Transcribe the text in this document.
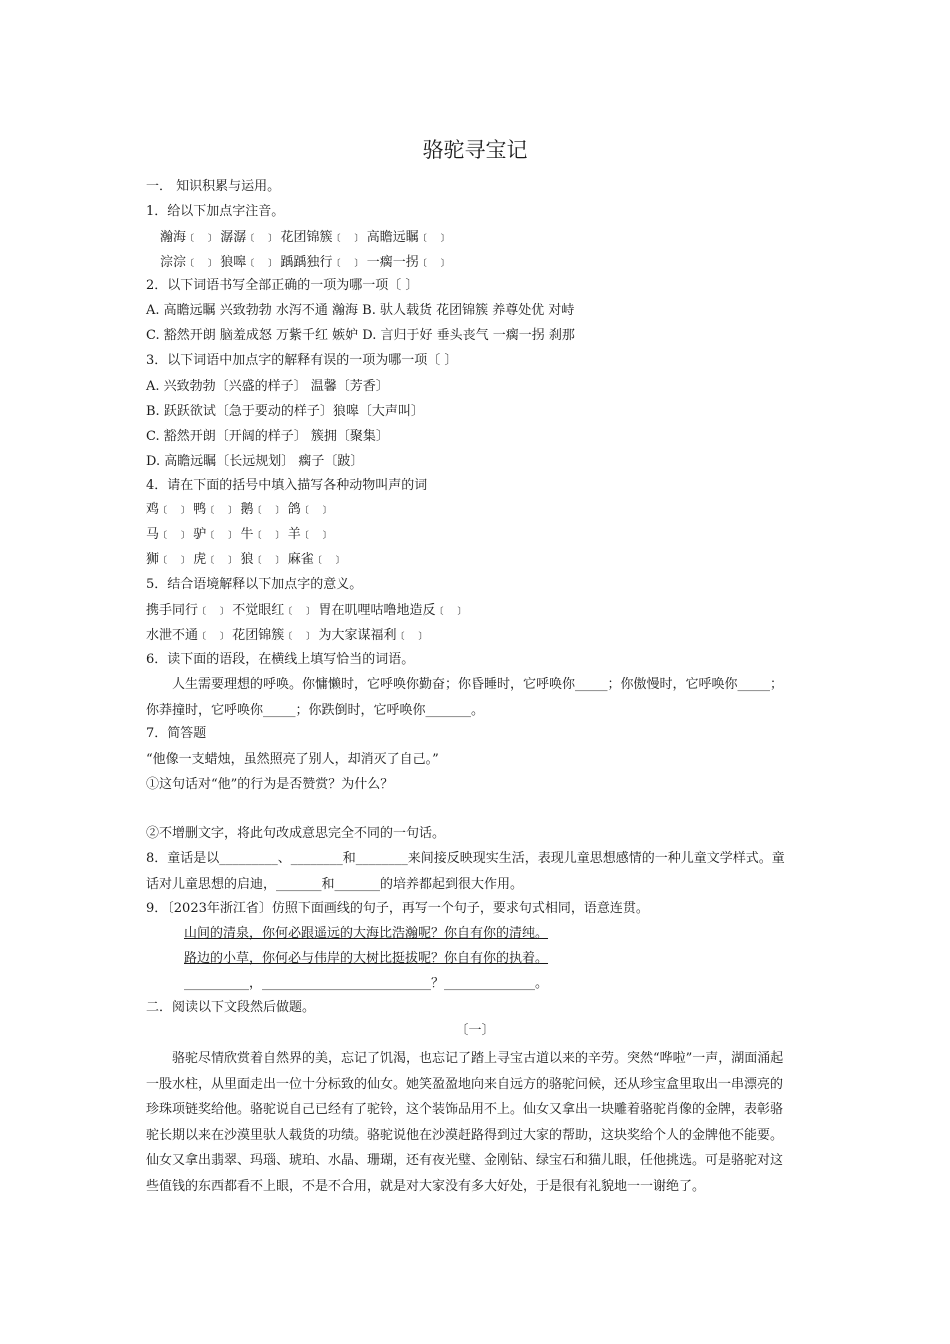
骆驼寻宝记
一． 知识积累与运用。
1．给以下加点字注音。
瀚海﹝ ﹞ 潺潺﹝ ﹞ 花团锦簇﹝ ﹞ 高瞻远瞩﹝ ﹞
淙淙﹝ ﹞ 狼嗥﹝ ﹞ 踽踽独行﹝ ﹞ 一瘸一拐﹝ ﹞
2．以下词语书写全部正确的一项为哪一项〔 〕
A. 高瞻远瞩 兴致勃勃 水泻不通 瀚海 B. 驮人载货 花团锦簇 养尊处优 对峙
C. 豁然开朗 脑羞成怒 万紫千红 嫉妒 D. 言归于好 垂头丧气 一瘸一拐 刹那
3．以下词语中加点字的解释有误的一项为哪一项〔 〕
A. 兴致勃勃〔兴盛的样子〕 温馨〔芳香〕
B. 跃跃欲试〔急于要动的样子〕狼嗥〔大声叫〕
C. 豁然开朗〔开阔的样子〕 簇拥〔聚集〕
D. 高瞻远瞩〔长远规划〕 瘸子〔跛〕
4．请在下面的括号中填入描写各种动物叫声的词
鸡﹝ ﹞ 鸭﹝ ﹞ 鹅﹝ ﹞ 鸽﹝ ﹞
马﹝ ﹞ 驴﹝ ﹞ 牛﹝ ﹞ 羊﹝ ﹞
狮﹝ ﹞ 虎﹝ ﹞ 狼﹝ ﹞ 麻雀﹝ ﹞
5．结合语境解释以下加点字的意义。
携手同行﹝ ﹞ 不觉眼红﹝ ﹞ 胃在叽哩咕噜地造反﹝ ﹞
水泄不通﹝ ﹞ 花团锦簇﹝ ﹞ 为大家谋福利﹝ ﹞
6．读下面的语段，在横线上填写恰当的词语。
人生需要理想的呼唤。你慵懒时，它呼唤你勤奋；你昏睡时，它呼唤你_____；你傲慢时，它呼唤你_____；你莽撞时，它呼唤你_____；你跌倒时，它呼唤你_______。
7．简答题
“他像一支蜡烛，虽然照亮了别人，却消灭了自己。”
①这句话对“他”的行为是否赞赏？为什么？
②不增删文字，将此句改成意思完全不同的一句话。
8．童话是以_________、________和________来间接反映现实生活，表现儿童思想感情的一种儿童文学样式。童话对儿童思想的启迪，_______和_______的培养都起到很大作用。
9．〔2023年浙江省〕仿照下面画线的句子，再写一个句子，要求句式相同，语意连贯。
山间的清泉，你何必跟遥远的大海比浩瀚呢？你自有你的清纯。
路边的小草，你何必与伟岸的大树比挺拔呢？你自有你的执着。
__________，__________________________？______________。
二．阅读以下文段然后做题。
〔一〕
骆驼尽情欣赏着自然界的美，忘记了饥渴，也忘记了踏上寻宝古道以来的辛劳。突然“哗啦”一声，湖面涌起一股水柱，从里面走出一位十分标致的仙女。她笑盈盈地向来自远方的骆驼问候，还从珍宝盒里取出一串漂亮的珍珠项链奖给他。骆驼说自己已经有了驼铃，这个装饰品用不上。仙女又拿出一块雕着骆驼肖像的金牌，表彰骆驼长期以来在沙漠里驮人载货的功绩。骆驼说他在沙漠赶路得到过大家的帮助，这块奖给个人的金牌他不能要。仙女又拿出翡翠、玛瑙、琥珀、水晶、珊瑚，还有夜光璧、金刚钻、绿宝石和猫儿眼，任他挑选。可是骆驼对这些值钱的东西都看不上眼，不是不合用，就是对大家没有多大好处，于是很有礼貌地一一谢绝了。
